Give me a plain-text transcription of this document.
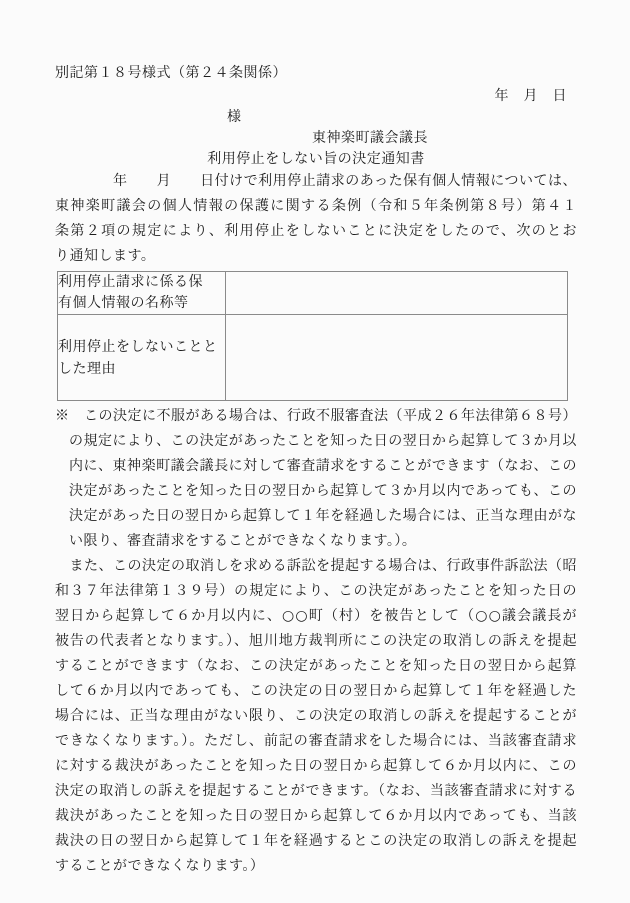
別記第１８号様式（第２４条関係）
年　月　日
様
東神楽町議会議長
利用停止をしない旨の決定通知書
　　　　年　　月　　日付けで利用停止請求のあった保有個人情報については、
東神楽町議会の個人情報の保護に関する条例（令和５年条例第８号）第４１
条第２項の規定により、利用停止をしないことに決定をしたので、次のとお
り通知します。
利用停止請求に係る保
有個人情報の名称等	

利用停止をしないことと
した理由	

※　この決定に不服がある場合は、行政不服審査法（平成２６年法律第６８号）
の規定により、この決定があったことを知った日の翌日から起算して３か月以
内に、東神楽町議会議長に対して審査請求をすることができます（なお、この
決定があったことを知った日の翌日から起算して３か月以内であっても、この
決定があった日の翌日から起算して１年を経過した場合には、正当な理由がな
い限り、審査請求をすることができなくなります。）。
　また、この決定の取消しを求める訴訟を提起する場合は、行政事件訴訟法（昭
和３７年法律第１３９号）の規定により、この決定があったことを知った日の
翌日から起算して６か月以内に、○○町（村）を被告として（○○議会議長が
被告の代表者となります。）、旭川地方裁判所にこの決定の取消しの訴えを提起
することができます（なお、この決定があったことを知った日の翌日から起算
して６か月以内であっても、この決定の日の翌日から起算して１年を経過した
場合には、正当な理由がない限り、この決定の取消しの訴えを提起することが
できなくなります。）。ただし、前記の審査請求をした場合には、当該審査請求
に対する裁決があったことを知った日の翌日から起算して６か月以内に、この
決定の取消しの訴えを提起することができます。（なお、当該審査請求に対する
裁決があったことを知った日の翌日から起算して６か月以内であっても、当該
裁決の日の翌日から起算して１年を経過するとこの決定の取消しの訴えを提起
することができなくなります。）
